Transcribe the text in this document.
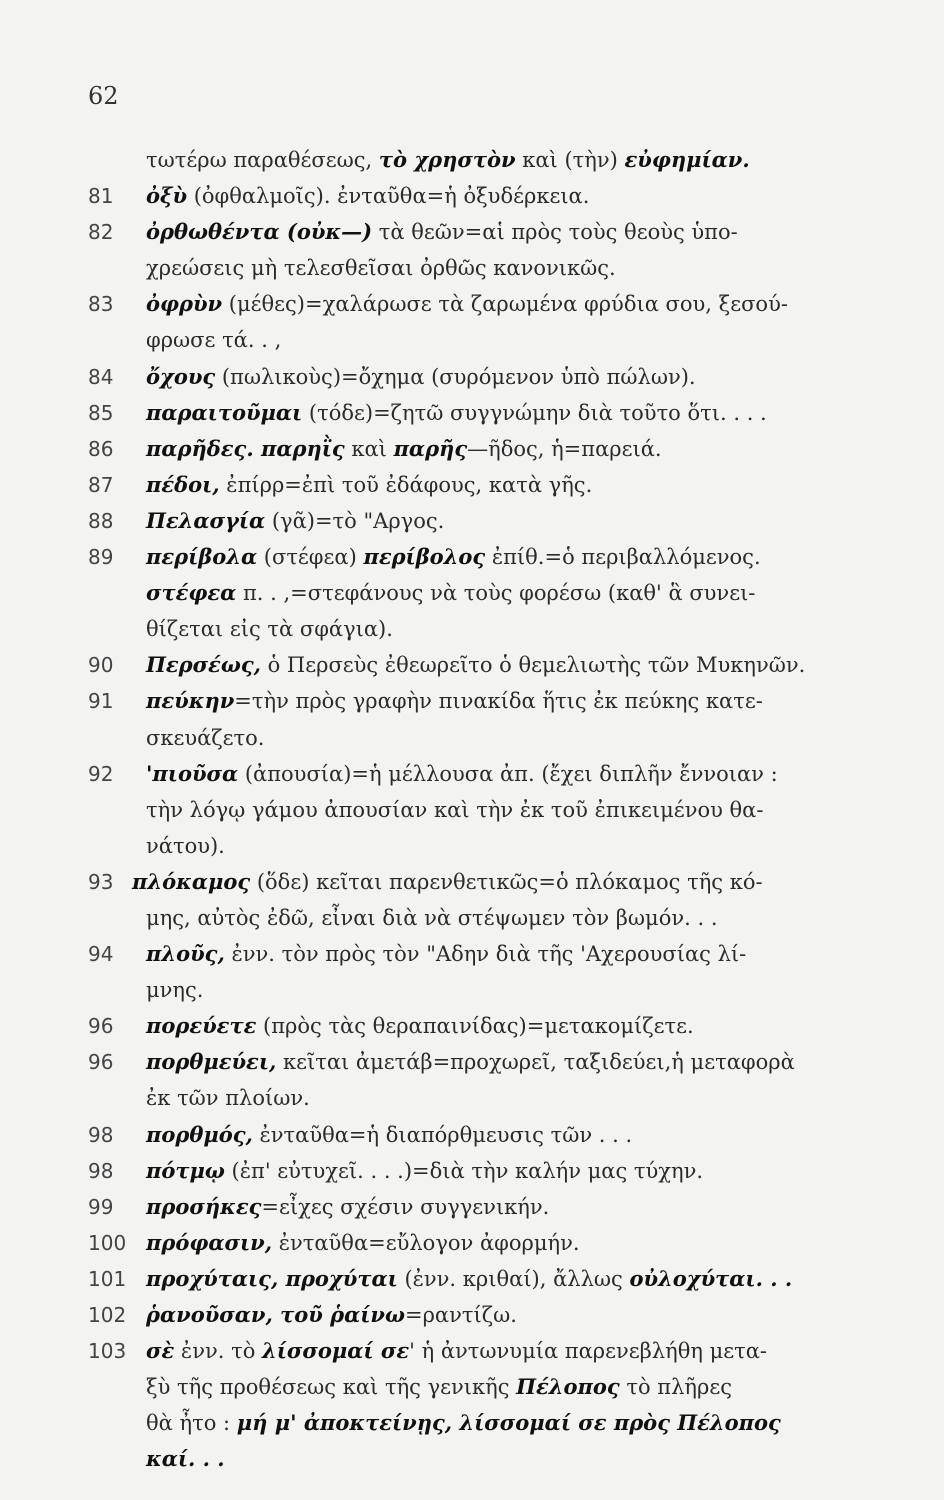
62
τωτέρω παραθέσεως, τὸ χρηστὸν καὶ (τὴν) εὐφημίαν.
81 ὀξὺ (ὀφθαλμοῖς). ἐνταῦθα=ἡ ὀξυδέρκεια.
82 ὀρθωθέντα (οὐκ—) τὰ θεῶν=αἱ πρὸς τοὺς θεοὺς ὑπο-
χρεώσεις μὴ τελεσθεῖσαι ὀρθῶς κανονικῶς.
83 ὀφρὺν (μέθες)=χαλάρωσε τὰ ζαρωμένα φρύδια σου, ξεσού-
φρωσε τά. . ,
84 ὄχους (πωλικοὺς)=ὄχημα (συρόμενον ὑπὸ πώλων).
85 παραιτοῦμαι (τόδε)=ζητῶ συγγνώμην διὰ τοῦτο ὅτι. . . .
86 παρῆδες. παρηῒς καὶ παρῆς—ῆδος, ἡ=παρειά.
87 πέδοι, ἐπίρρ=ἐπὶ τοῦ ἐδάφους, κατὰ γῆς.
88 Πελασγία (γᾶ)=τὸ "Αργος.
89 περίβολα (στέφεα) περίβολος ἐπίθ.=ὁ περιβαλλόμενος.
στέφεα π. . ,=στεφάνους νὰ τοὺς φορέσω (καθ' ἃ συνει-
θίζεται εἰς τὰ σφάγια).
90 Περσέως, ὁ Περσεὺς ἐθεωρεῖτο ὁ θεμελιωτὴς τῶν Μυκηνῶν.
91 πεύκην=τὴν πρὸς γραφὴν πινακίδα ἥτις ἐκ πεύκης κατε-
σκευάζετο.
92 'πιοῦσα (ἀπουσία)=ἡ μέλλουσα ἀπ. (ἔχει διπλῆν ἔννοιαν :
τὴν λόγῳ γάμου ἀπουσίαν καὶ τὴν ἐκ τοῦ ἐπικειμένου θα-
νάτου).
93 πλόκαμος (ὅδε) κεῖται παρενθετικῶς=ὁ πλόκαμος τῆς κό-
μης, αὐτὸς ἐδῶ, εἶναι διὰ νὰ στέψωμεν τὸν βωμόν. . .
94 πλοῦς, ἐνν. τὸν πρὸς τὸν "Αδην διὰ τῆς 'Αχερουσίας λί-
μνης.
96 πορεύετε (πρὸς τὰς θεραπαινίδας)=μετακομίζετε.
96 πορθμεύει, κεῖται ἀμετάβ=προχωρεῖ, ταξιδεύει,ἡ μεταφορὰ
ἐκ τῶν πλοίων.
98 πορθμός, ἐνταῦθα=ἡ διαπόρθμευσις τῶν . . .
98 πότμῳ (ἐπ' εὐτυχεῖ. . . .)=διὰ τὴν καλήν μας τύχην.
99 προσήκες=εἶχες σχέσιν συγγενικήν.
100 πρόφασιν, ἐνταῦθα=εὔλογον ἀφορμήν.
101 προχύταις, προχύται (ἐνν. κριθαί), ἄλλως οὐλοχύται. . .
102 ῥανοῦσαν, τοῦ ῥαίνω=ραντίζω.
103 σὲ ἐνν. τὸ λίσσομαί σε' ἡ ἀντωνυμία παρενεβλήθη μετα-
ξὺ τῆς προθέσεως καὶ τῆς γενικῆς Πέλοπος τὸ πλῆρες
θὰ ἦτο : μή μ' ἀποκτείνῃς, λίσσομαί σε πρὸς Πέλοπος
καί. . .
